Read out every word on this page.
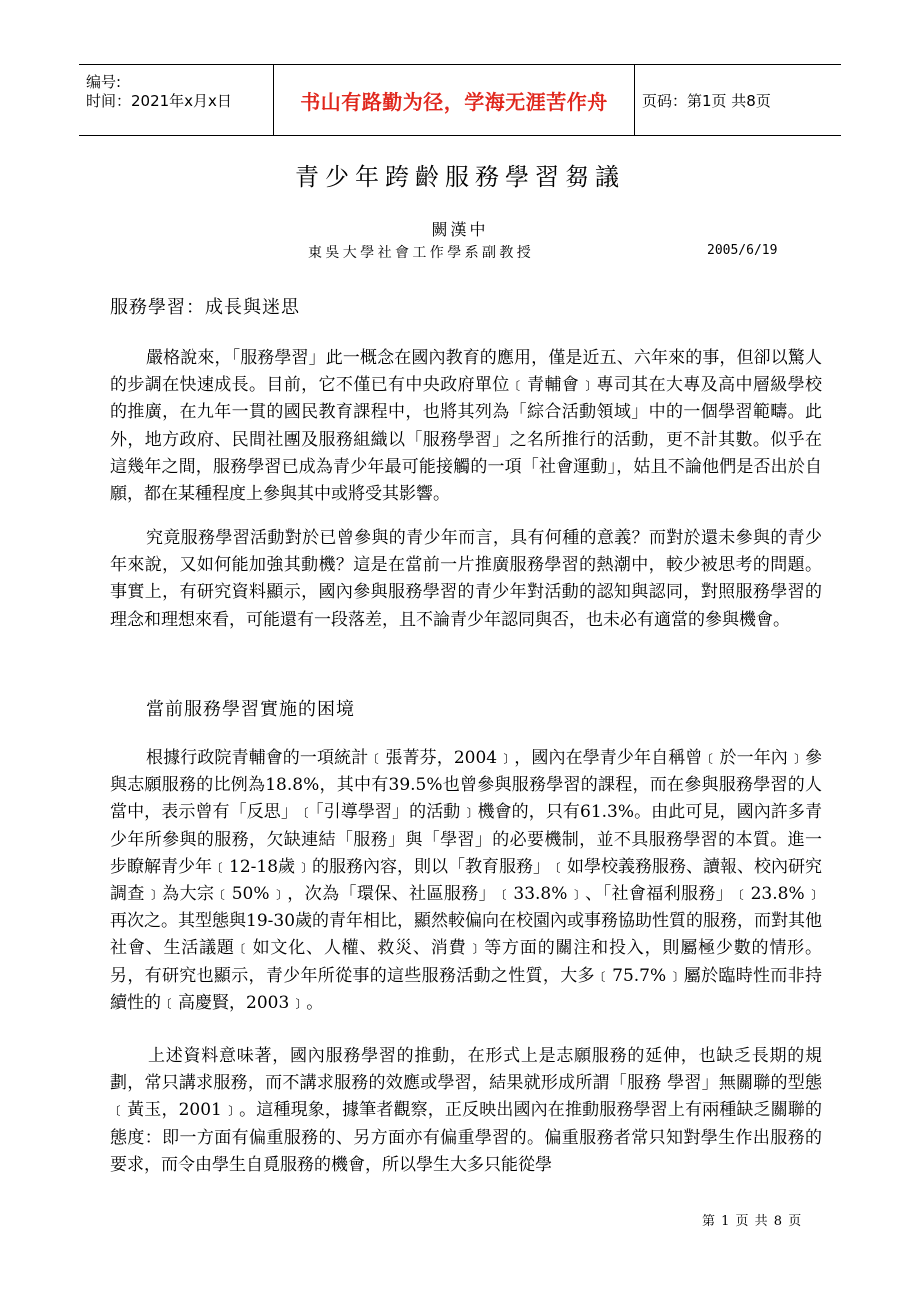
编号:
时间：2021年x月x日	书山有路勤为径，学海无涯苦作舟	页码：第1页 共8页
青少年跨齡服務學習芻議
闕漢中
東吳大學社會工作學系副教授	2005/6/19
服務學習：成長與迷思
嚴格說來，「服務學習」此一概念在國內教育的應用，僅是近五、六年來的事，但卻以驚人的步調在快速成長。目前，它不僅已有中央政府單位﹝青輔會﹞專司其在大專及高中層級學校的推廣，在九年一貫的國民教育課程中，也將其列為「綜合活動領域」中的一個學習範疇。此外，地方政府、民間社團及服務組織以「服務學習」之名所推行的活動，更不計其數。似乎在這幾年之間，服務學習已成為青少年最可能接觸的一項「社會運動」，姑且不論他們是否出於自願，都在某種程度上參與其中或將受其影響。
究竟服務學習活動對於已曾參與的青少年而言，具有何種的意義？而對於還未參與的青少年來說，又如何能加強其動機？這是在當前一片推廣服務學習的熱潮中，較少被思考的問題。事實上，有研究資料顯示，國內參與服務學習的青少年對活動的認知與認同，對照服務學習的理念和理想來看，可能還有一段落差，且不論青少年認同與否，也未必有適當的參與機會。
當前服務學習實施的困境
根據行政院青輔會的一項統計﹝張菁芬，2004﹞，國內在學青少年自稱曾﹝於一年內﹞參與志願服務的比例為18.8%，其中有39.5%也曾參與服務學習的課程，而在參與服務學習的人當中，表示曾有「反思」﹝「引導學習」的活動﹞機會的，只有61.3%。由此可見，國內許多青少年所參與的服務，欠缺連結「服務」與「學習」的必要機制，並不具服務學習的本質。進一步瞭解青少年﹝12-18歲﹞的服務內容，則以「教育服務」﹝如學校義務服務、讀報、校內研究調查﹞為大宗﹝50%﹞，次為「環保、社區服務」﹝33.8%﹞、「社會福利服務」﹝23.8%﹞再次之。其型態與19-30歲的青年相比，顯然較偏向在校園內或事務協助性質的服務，而對其他社會、生活議題﹝如文化、人權、救災、消費﹞等方面的關注和投入，則屬極少數的情形。另，有研究也顯示，青少年所從事的這些服務活動之性質，大多﹝75.7%﹞屬於臨時性而非持續性的﹝高慶賢，2003﹞。
上述資料意味著，國內服務學習的推動，在形式上是志願服務的延伸，也缺乏長期的規劃，常只講求服務，而不講求服務的效應或學習，結果就形成所謂「服務 學習」無關聯的型態﹝黃玉，2001﹞。這種現象，據筆者觀察，正反映出國內在推動服務學習上有兩種缺乏關聯的態度：即一方面有偏重服務的、另方面亦有偏重學習的。偏重服務者常只知對學生作出服務的要求，而令由學生自覓服務的機會，所以學生大多只能從學
第 1 页 共 8 页
